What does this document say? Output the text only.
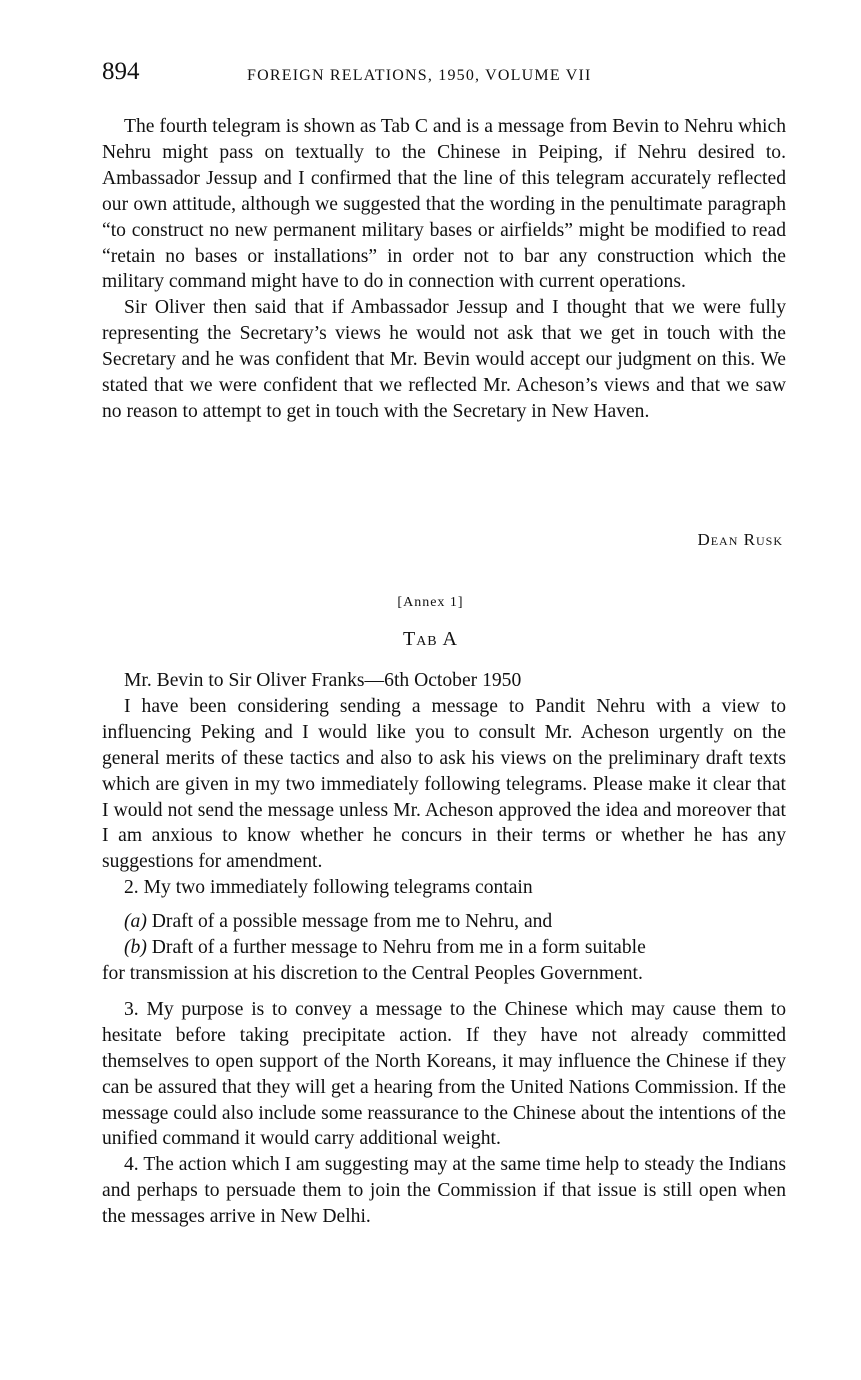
894	FOREIGN RELATIONS, 1950, VOLUME VII

The fourth telegram is shown as Tab C and is a message from Bevin to Nehru which Nehru might pass on textually to the Chinese in Peiping, if Nehru desired to. Ambassador Jessup and I confirmed that the line of this telegram accurately reflected our own attitude, although we suggested that the wording in the penultimate paragraph “to construct no new permanent military bases or airfields” might be modified to read “retain no bases or installations” in order not to bar any construction which the military command might have to do in connection with current operations.

Sir Oliver then said that if Ambassador Jessup and I thought that we were fully representing the Secretary’s views he would not ask that we get in touch with the Secretary and he was confident that Mr. Bevin would accept our judgment on this. We stated that we were confident that we reflected Mr. Acheson’s views and that we saw no reason to attempt to get in touch with the Secretary in New Haven.

Dean Rusk
[Annex 1]
Tab A

Mr. Bevin to Sir Oliver Franks—6th October 1950

I have been considering sending a message to Pandit Nehru with a view to influencing Peking and I would like you to consult Mr. Acheson urgently on the general merits of these tactics and also to ask his views on the preliminary draft texts which are given in my two immediately following telegrams. Please make it clear that I would not send the message unless Mr. Acheson approved the idea and moreover that I am anxious to know whether he concurs in their terms or whether he has any suggestions for amendment.

2. My two immediately following telegrams contain

(a) Draft of a possible message from me to Nehru, and

(b) Draft of a further message to Nehru from me in a form suitable

for transmission at his discretion to the Central Peoples Government.

3. My purpose is to convey a message to the Chinese which may cause them to hesitate before taking precipitate action. If they have not already committed themselves to open support of the North Koreans, it may influence the Chinese if they can be assured that they will get a hearing from the United Nations Commission. If the message could also include some reassurance to the Chinese about the intentions of the unified command it would carry additional weight.

4. The action which I am suggesting may at the same time help to steady the Indians and perhaps to persuade them to join the Commission if that issue is still open when the messages arrive in New Delhi.
